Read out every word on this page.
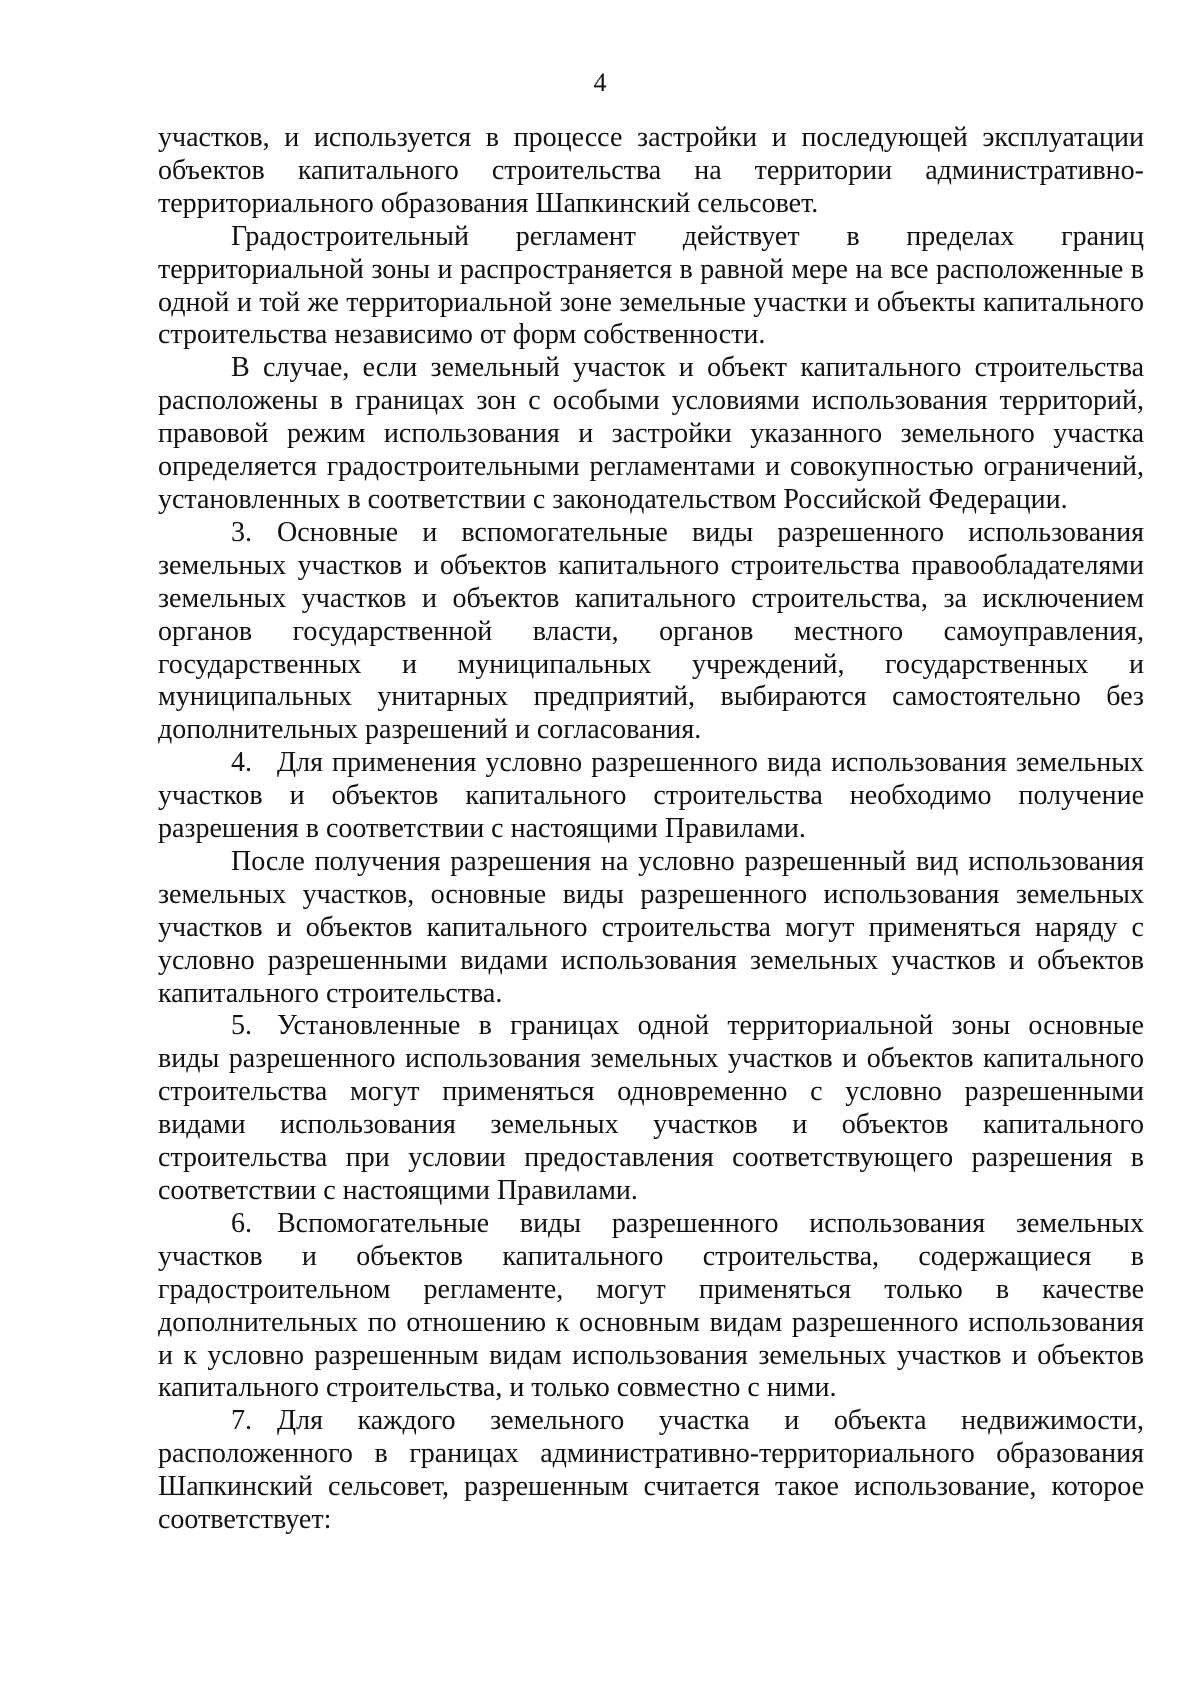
4

участков, и используется в процессе застройки и последующей эксплуатации объектов капитального строительства на территории административно-территориального образования Шапкинский сельсовет.

Градостроительный регламент действует в пределах границ территориальной зоны и распространяется в равной мере на все расположенные в одной и той же территориальной зоне земельные участки и объекты капитального строительства независимо от форм собственности.

В случае, если земельный участок и объект капитального строительства расположены в границах зон с особыми условиями использования территорий, правовой режим использования и застройки указанного земельного участка определяется градостроительными регламентами и совокупностью ограничений, установленных в соответствии с законодательством Российской Федерации.

3. Основные и вспомогательные виды разрешенного использования земельных участков и объектов капитального строительства правообладателями земельных участков и объектов капитального строительства, за исключением органов государственной власти, органов местного самоуправления, государственных и муниципальных учреждений, государственных и муниципальных унитарных предприятий, выбираются самостоятельно без дополнительных разрешений и согласования.

4. Для применения условно разрешенного вида использования земельных участков и объектов капитального строительства необходимо получение разрешения в соответствии с настоящими Правилами.

После получения разрешения на условно разрешенный вид использования земельных участков, основные виды разрешенного использования земельных участков и объектов капитального строительства могут применяться наряду с условно разрешенными видами использования земельных участков и объектов капитального строительства.

5. Установленные в границах одной территориальной зоны основные виды разрешенного использования земельных участков и объектов капитального строительства могут применяться одновременно с условно разрешенными видами использования земельных участков и объектов капитального строительства при условии предоставления соответствующего разрешения в соответствии с настоящими Правилами.

6. Вспомогательные виды разрешенного использования земельных участков и объектов капитального строительства, содержащиеся в градостроительном регламенте, могут применяться только в качестве дополнительных по отношению к основным видам разрешенного использования и к условно разрешенным видам использования земельных участков и объектов капитального строительства, и только совместно с ними.

7. Для каждого земельного участка и объекта недвижимости, расположенного в границах административно-территориального образования Шапкинский сельсовет, разрешенным считается такое использование, которое соответствует:
